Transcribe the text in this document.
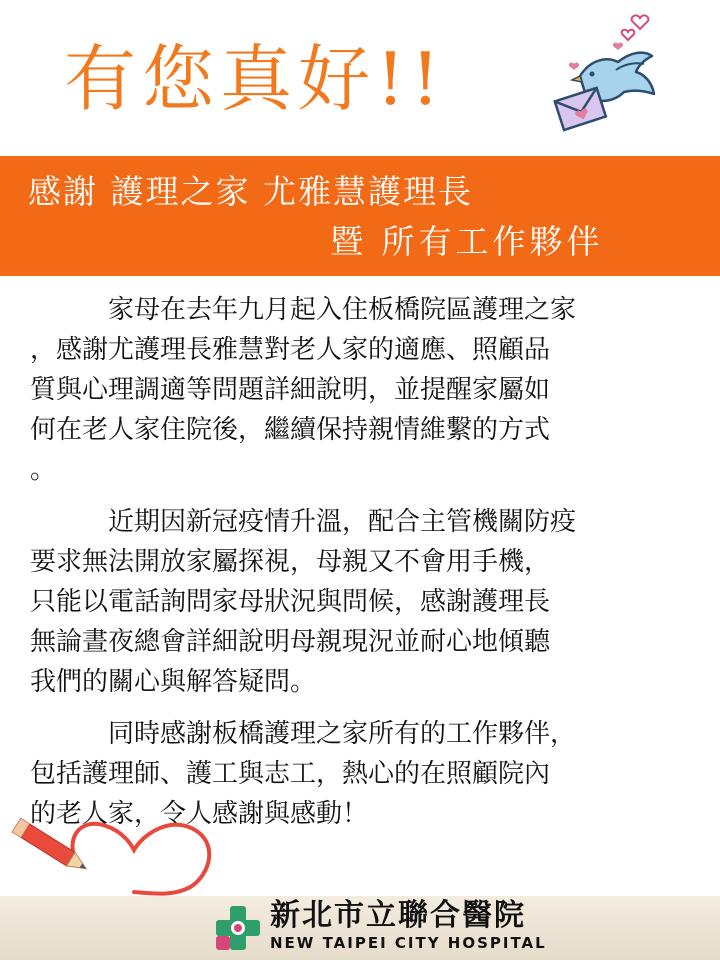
有您真好!!
感謝 護理之家 尤雅慧護理長
暨 所有工作夥伴
家母在去年九月起入住板橋院區護理之家
，感謝尤護理長雅慧對老人家的適應、照顧品
質與心理調適等問題詳細說明，並提醒家屬如
何在老人家住院後，繼續保持親情維繫的方式
。
近期因新冠疫情升溫，配合主管機關防疫
要求無法開放家屬探視，母親又不會用手機，
只能以電話詢問家母狀況與問候，感謝護理長
無論晝夜總會詳細說明母親現況並耐心地傾聽
我們的關心與解答疑問。
同時感謝板橋護理之家所有的工作夥伴，
包括護理師、護工與志工，熱心的在照顧院內
的老人家，令人感謝與感動！
新北市立聯合醫院
NEW TAIPEI CITY HOSPITAL
